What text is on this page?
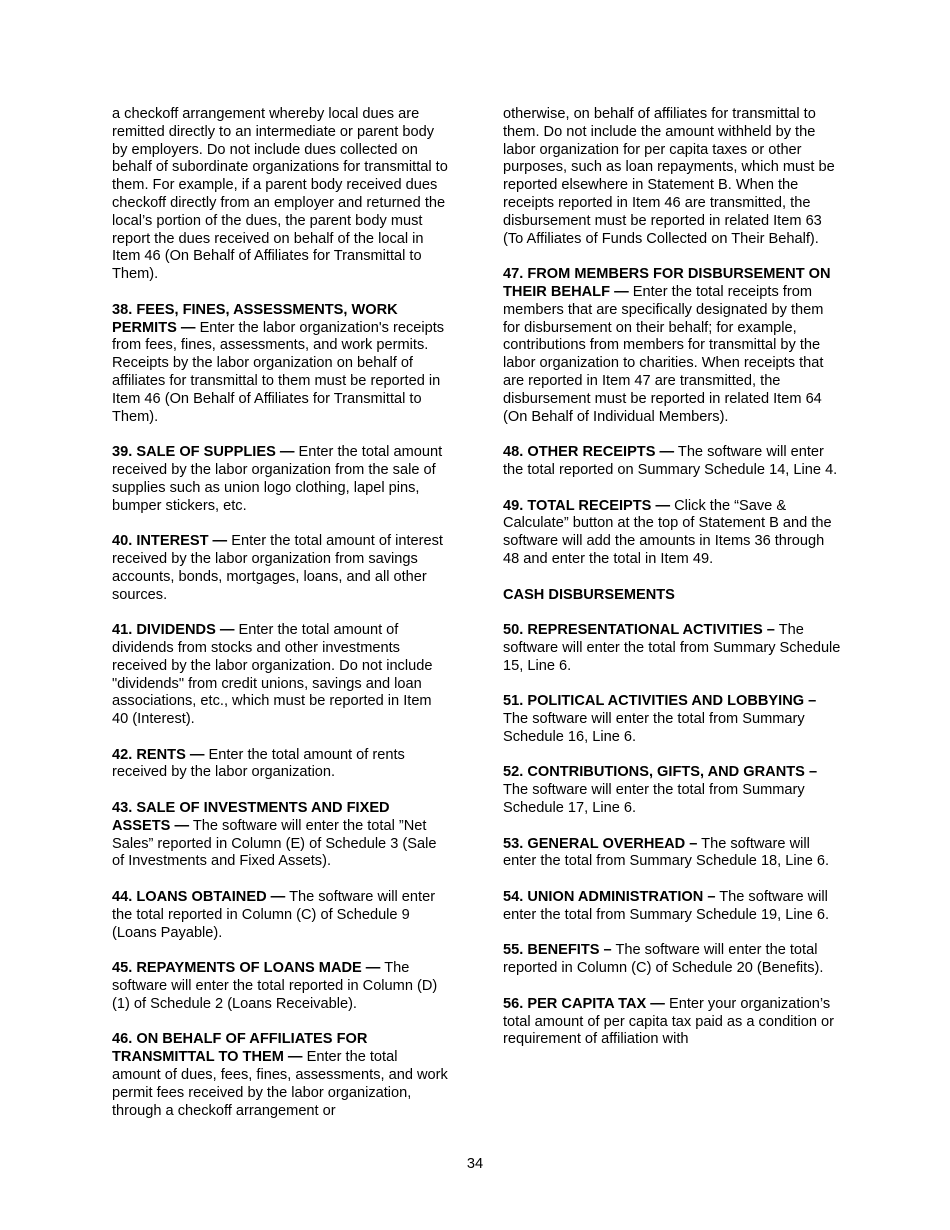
a checkoff arrangement whereby local dues are remitted directly to an intermediate or parent body by employers. Do not include dues collected on behalf of subordinate organizations for transmittal to them. For example, if a parent body received dues checkoff directly from an employer and returned the local’s portion of the dues, the parent body must report the dues received on behalf of the local in Item 46 (On Behalf of Affiliates for Transmittal to Them).

38. FEES, FINES, ASSESSMENTS, WORK PERMITS — Enter the labor organization's receipts from fees, fines, assessments, and work permits. Receipts by the labor organization on behalf of affiliates for transmittal to them must be reported in Item 46 (On Behalf of Affiliates for Transmittal to Them).

39. SALE OF SUPPLIES — Enter the total amount received by the labor organization from the sale of supplies such as union logo clothing, lapel pins, bumper stickers, etc.

40. INTEREST — Enter the total amount of interest received by the labor organization from savings accounts, bonds, mortgages, loans, and all other sources.

41. DIVIDENDS — Enter the total amount of dividends from stocks and other investments received by the labor organization. Do not include "dividends" from credit unions, savings and loan associations, etc., which must be reported in Item 40 (Interest).

42. RENTS — Enter the total amount of rents received by the labor organization.

43. SALE OF INVESTMENTS AND FIXED ASSETS — The software will enter the total ”Net Sales” reported in Column (E) of Schedule 3 (Sale of Investments and Fixed Assets).

44. LOANS OBTAINED — The software will enter the total reported in Column (C) of Schedule 9 (Loans Payable).

45. REPAYMENTS OF LOANS MADE — The software will enter the total reported in Column (D)(1) of Schedule 2 (Loans Receivable).

46. ON BEHALF OF AFFILIATES FOR TRANSMITTAL TO THEM — Enter the total amount of dues, fees, fines, assessments, and work permit fees received by the labor organization, through a checkoff arrangement or

otherwise, on behalf of affiliates for transmittal to them. Do not include the amount withheld by the labor organization for per capita taxes or other purposes, such as loan repayments, which must be reported elsewhere in Statement B. When the receipts reported in Item 46 are transmitted, the disbursement must be reported in related Item 63 (To Affiliates of Funds Collected on Their Behalf).

47. FROM MEMBERS FOR DISBURSEMENT ON THEIR BEHALF — Enter the total receipts from members that are specifically designated by them for disbursement on their behalf; for example, contributions from members for transmittal by the labor organization to charities. When receipts that are reported in Item 47 are transmitted, the disbursement must be reported in related Item 64 (On Behalf of Individual Members).

48. OTHER RECEIPTS — The software will enter the total reported on Summary Schedule 14, Line 4.

49. TOTAL RECEIPTS — Click the “Save & Calculate” button at the top of Statement B and the software will add the amounts in Items 36 through 48 and enter the total in Item 49.

CASH DISBURSEMENTS

50. REPRESENTATIONAL ACTIVITIES – The software will enter the total from Summary Schedule 15, Line 6.

51. POLITICAL ACTIVITIES AND LOBBYING – The software will enter the total from Summary Schedule 16, Line 6.

52. CONTRIBUTIONS, GIFTS, AND GRANTS – The software will enter the total from Summary Schedule 17, Line 6.

53. GENERAL OVERHEAD – The software will enter the total from Summary Schedule 18, Line 6.

54. UNION ADMINISTRATION – The software will enter the total from Summary Schedule 19, Line 6.

55. BENEFITS – The software will enter the total reported in Column (C) of Schedule 20 (Benefits).

56. PER CAPITA TAX — Enter your organization’s total amount of per capita tax paid as a condition or requirement of affiliation with

34
